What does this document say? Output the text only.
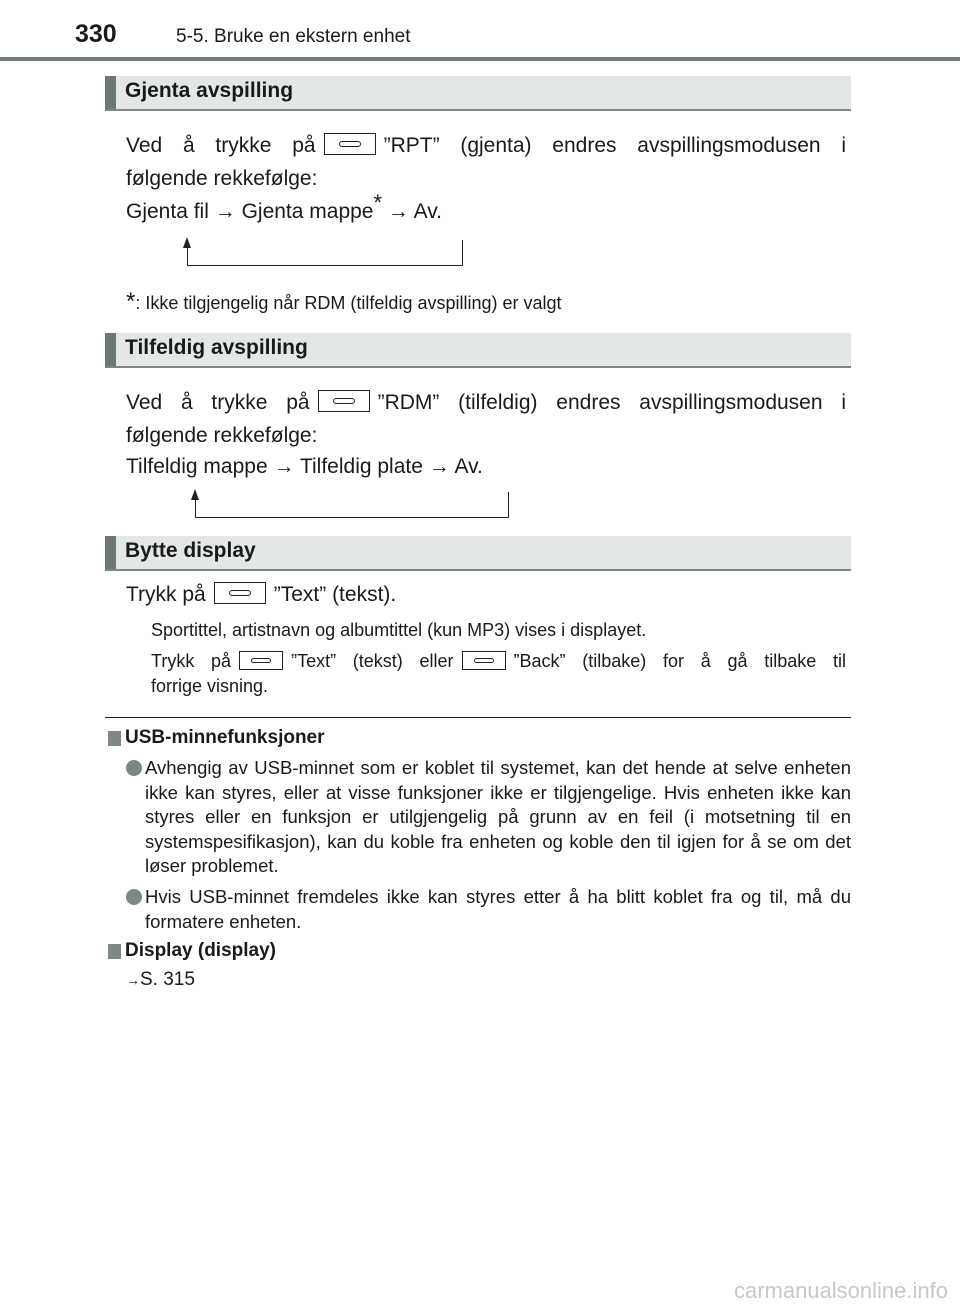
330	5-5. Bruke en ekstern enhet
Gjenta avspilling
Ved å trykke på	”RPT” (gjenta) endres avspillingsmodusen i
følgende rekkefølge:
Gjenta fil → Gjenta mappe* → Av.
*: Ikke tilgjengelig når RDM (tilfeldig avspilling) er valgt
Tilfeldig avspilling
Ved å trykke på	”RDM” (tilfeldig) endres avspillingsmodusen i
følgende rekkefølge:
Tilfeldig mappe → Tilfeldig plate → Av.
Bytte display
Trykk på	”Text” (tekst).
Sportittel, artistnavn og albumtittel (kun MP3) vises i displayet.
Trykk på	”Text” (tekst) eller	”Back” (tilbake) for å gå tilbake til
forrige visning.
USB-minnefunksjoner
Avhengig av USB-minnet som er koblet til systemet, kan det hende at selve enheten ikke kan styres, eller at visse funksjoner ikke er tilgjengelige. Hvis enheten ikke kan styres eller en funksjon er utilgjengelig på grunn av en feil (i motsetning til en systemspesifikasjon), kan du koble fra enheten og koble den til igjen for å se om det løser problemet.
Hvis USB-minnet fremdeles ikke kan styres etter å ha blitt koblet fra og til, må du formatere enheten.
Display (display)
→S. 315
carmanualsonline.info
